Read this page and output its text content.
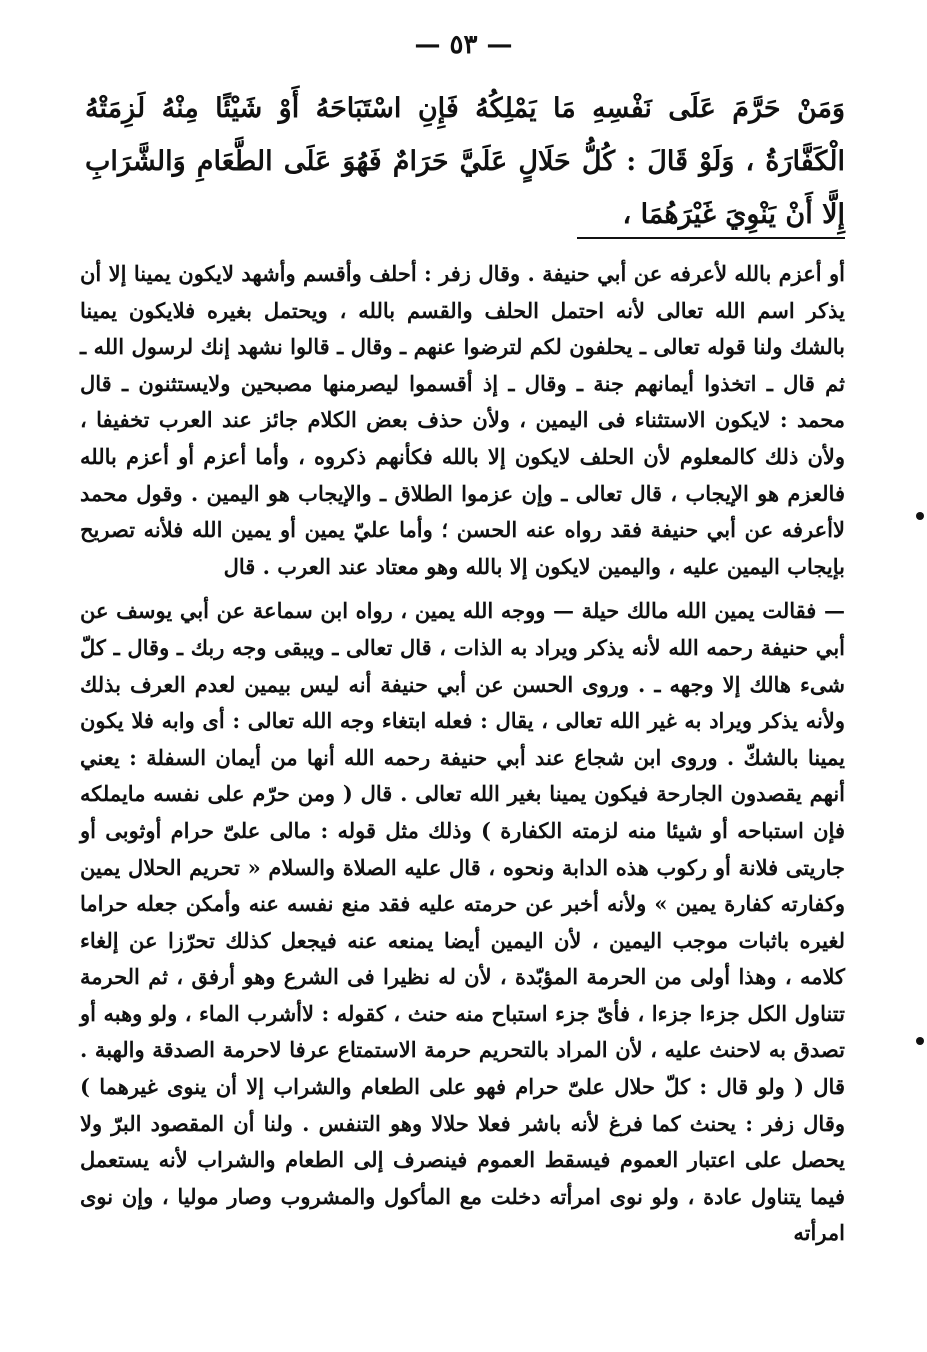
— ٥٣ —
وَمَنْ حَرَّمَ عَلَى نَفْسِهِ مَا يَمْلِكُهُ فَإِنِ اسْتَبَاحَهُ أَوْ شَيْئًا مِنْهُ لَزِمَتْهُ الْكَفَّارَةُ ، وَلَوْ قَالَ : كُلُّ حَلَالٍ عَلَيَّ حَرَامٌ فَهُوَ عَلَى الطَّعَامِ وَالشَّرَابِ إِلَّا أَنْ يَنْوِيَ غَيْرَهُمَا ،

أو أعزم بالله لأعرفه عن أبي حنيفة . وقال زفر : أحلف وأقسم وأشهد لايكون يمينا إلا أن يذكر اسم الله تعالى لأنه احتمل الحلف والقسم بالله ، ويحتمل بغيره فلايكون يمينا بالشك ولنا قوله تعالى ـ يحلفون لكم لترضوا عنهم ـ وقال ـ قالوا نشهد إنك لرسول الله ـ ثم قال ـ اتخذوا أيمانهم جنة ـ وقال ـ إذ أقسموا ليصرمنها مصبحين ولايستثنون ـ قال محمد : لايكون الاستثناء فى اليمين ، ولأن حذف بعض الكلام جائز عند العرب تخفيفا ، ولأن ذلك كالمعلوم لأن الحلف لايكون إلا بالله فكأنهم ذكروه ، وأما أعزم أو أعزم بالله فالعزم هو الإيجاب ، قال تعالى ـ وإن عزموا الطلاق ـ والإيجاب هو اليمين . وقول محمد لاأعرفه عن أبي حنيفة فقد رواه عنه الحسن ؛ وأما عليّ يمين أو يمين الله فلأنه تصريح بإيجاب اليمين عليه ، واليمين لايكون إلا بالله وهو معتاد عند العرب . قال

— فقالت يمين الله مالك حيلة — ووجه الله يمين ، رواه ابن سماعة عن أبي يوسف عن أبي حنيفة رحمه الله لأنه يذكر ويراد به الذات ، قال تعالى ـ ويبقى وجه ربك ـ وقال ـ كلّ شىء هالك إلا وجهه ـ . وروى الحسن عن أبي حنيفة أنه ليس بيمين لعدم العرف بذلك ولأنه يذكر ويراد به غير الله تعالى ، يقال : فعله ابتغاء وجه الله تعالى : أى وابه فلا يكون يمينا بالشكّ . وروى ابن شجاع عند أبي حنيفة رحمه الله أنها من أيمان السفلة : يعني أنهم يقصدون الجارحة فيكون يمينا بغير الله تعالى . قال ( ومن حرّم على نفسه مايملكه فإن استباحه أو شيئا منه لزمته الكفارة ) وذلك مثل قوله : مالى علىّ حرام أوثوبى أو جاريتى فلانة أو ركوب هذه الدابة ونحوه ، قال عليه الصلاة والسلام « تحريم الحلال يمين وكفارته كفارة يمين » ولأنه أخبر عن حرمته عليه فقد منع نفسه عنه وأمكن جعله حراما لغيره باثبات موجب اليمين ، لأن اليمين أيضا يمنعه عنه فيجعل كذلك تحرّزا عن إلغاء كلامه ، وهذا أولى من الحرمة المؤبّدة ، لأن له نظيرا فى الشرع وهو أرفق ، ثم الحرمة تتناول الكل جزءا جزءا ، فأىّ جزء استباح منه حنث ، كقوله : لاأشرب الماء ، ولو وهبه أو تصدق به لاحنث عليه ، لأن المراد بالتحريم حرمة الاستمتاع عرفا لاحرمة الصدقة والهبة . قال ( ولو قال : كلّ حلال علىّ حرام فهو على الطعام والشراب إلا أن ينوى غيرهما ) وقال زفر : يحنث كما فرغ لأنه باشر فعلا حلالا وهو التنفس . ولنا أن المقصود البرّ ولا يحصل على اعتبار العموم فيسقط العموم فينصرف إلى الطعام والشراب لأنه يستعمل فيما يتناول عادة ، ولو نوى امرأته دخلت مع المأكول والمشروب وصار موليا ، وإن نوى امرأته
